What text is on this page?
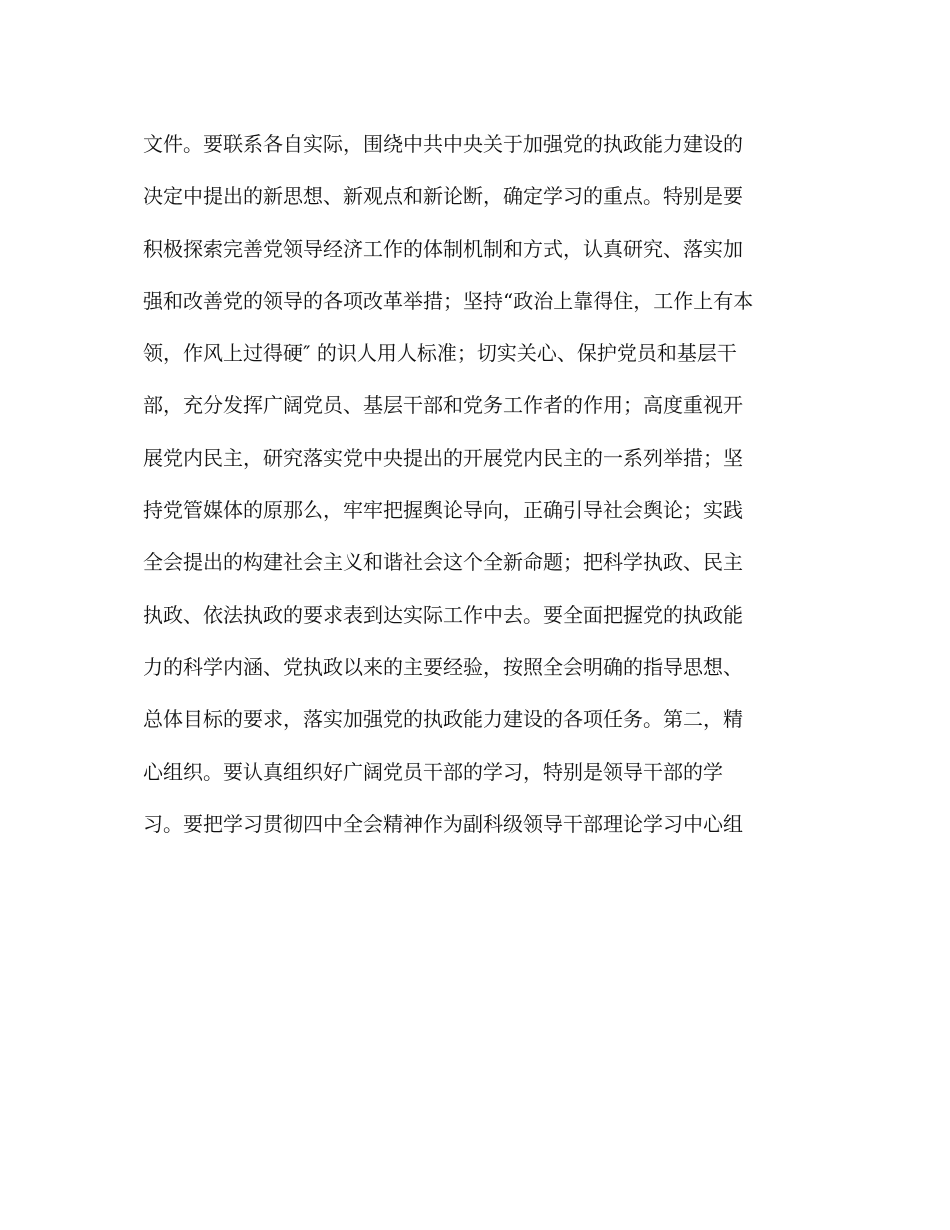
文件。要联系各自实际，围绕中共中央关于加强党的执政能力建设的
决定中提出的新思想、新观点和新论断，确定学习的重点。特别是要
积极探索完善党领导经济工作的体制机制和方式，认真研究、落实加
强和改善党的领导的各项改革举措；坚持“政治上靠得住，工作上有本
领，作风上过得硬″ 的识人用人标准；切实关心、保护党员和基层干
部，充分发挥广阔党员、基层干部和党务工作者的作用；高度重视开
展党内民主，研究落实党中央提出的开展党内民主的一系列举措；坚
持党管媒体的原那么，牢牢把握舆论导向，正确引导社会舆论；实践
全会提出的构建社会主义和谐社会这个全新命题；把科学执政、民主
执政、依法执政的要求表到达实际工作中去。要全面把握党的执政能
力的科学内涵、党执政以来的主要经验，按照全会明确的指导思想、
总体目标的要求，落实加强党的执政能力建设的各项任务。第二，精
心组织。要认真组织好广阔党员干部的学习，特别是领导干部的学
习。要把学习贯彻四中全会精神作为副科级领导干部理论学习中心组
